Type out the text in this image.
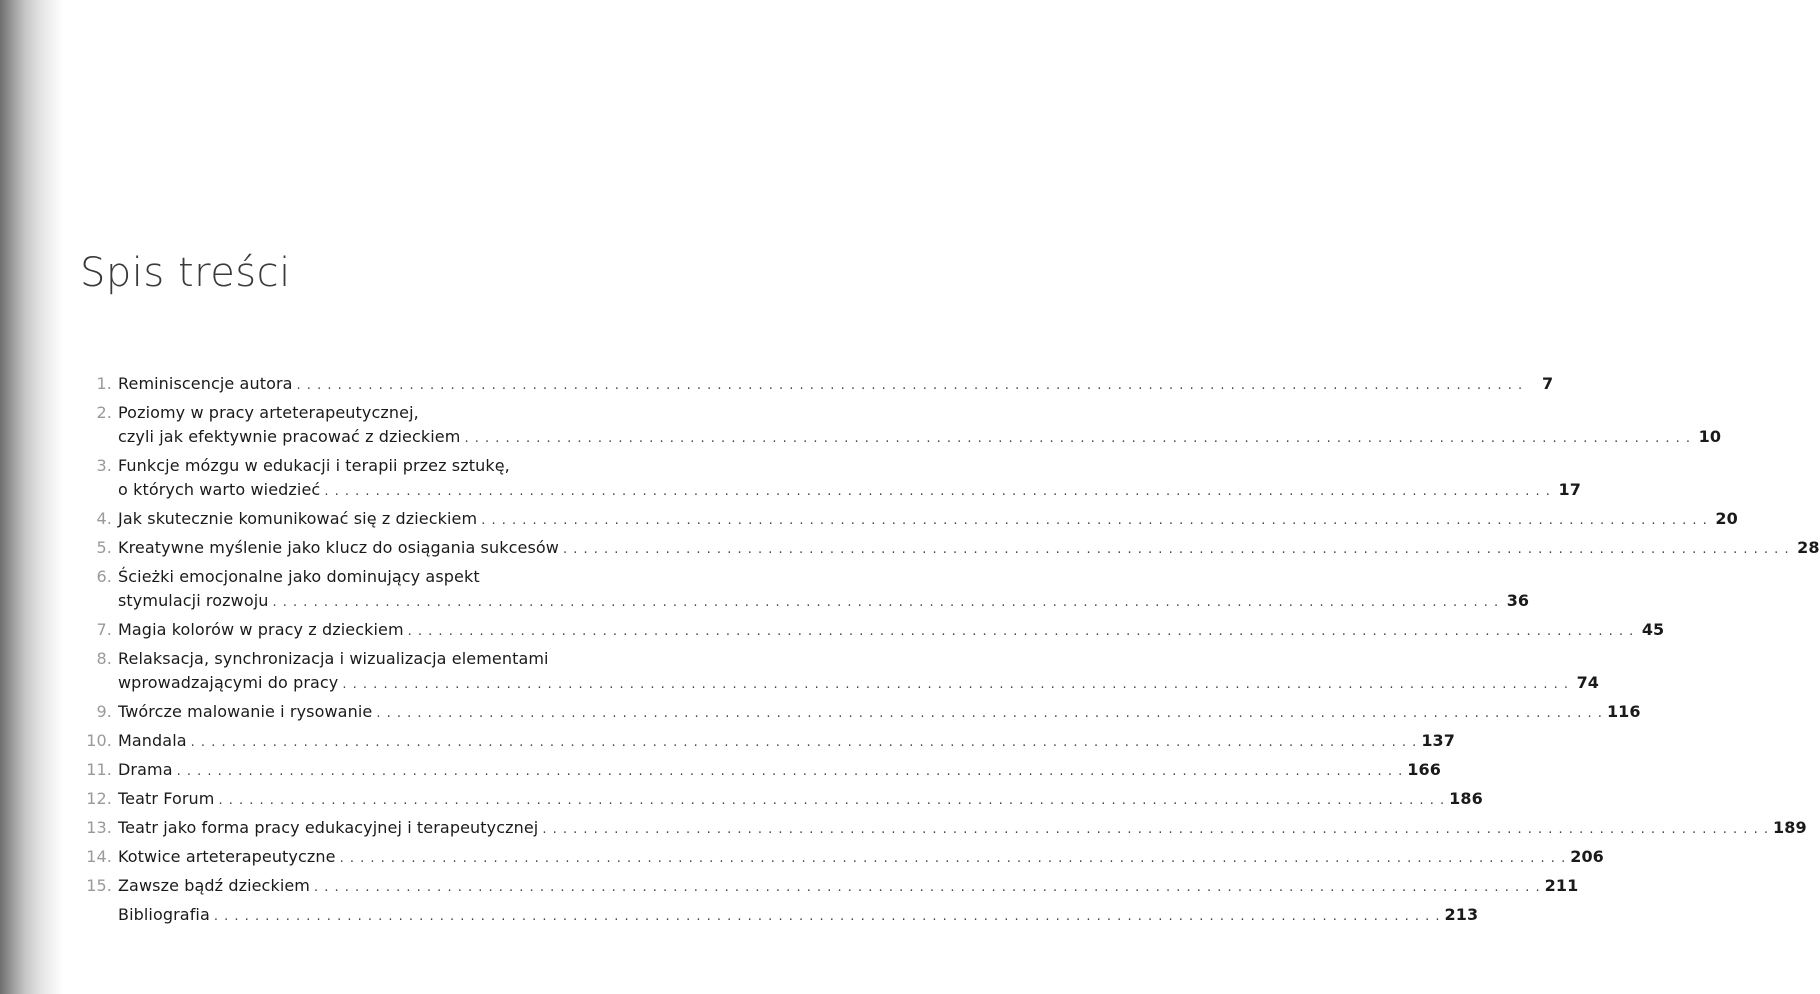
Spis treści
1. Reminiscencje autora . . . . . . . . . . . . . . . . . . . . . . . . . . . . . . . . . . . . . . . . . . . . . . . . . . . . . . . . . . . . . . . . . . . . . . . . . . . . . . . . . . . . . . . . . . . . . . . . . . . . . . . . . . . . . . . . . . . . . . . .	7
2. Poziomy w pracy arteterapeutycznej,
czyli jak efektywnie pracować z dzieckiem . . . . . . . . . . . . . . . . . . . . . . . . . . . . . . . . . . . . . . . . . . . . . . . . . . . . . . . . . . . . . . . . . . . . . . . . . . . . . . . . . . . . . . . . . . . . . . . . . . . . . . . . . . . . . . . . . . . . . . . . 10
3. Funkcje mózgu w edukacji i terapii przez sztukę,
o których warto wiedzieć . . . . . . . . . . . . . . . . . . . . . . . . . . . . . . . . . . . . . . . . . . . . . . . . . . . . . . . . . . . . . . . . . . . . . . . . . . . . . . . . . . . . . . . . . . . . . . . . . . . . . . . . . . . . . . . . . . . . . . . . 17
4. Jak skutecznie komunikować się z dzieckiem . . . . . . . . . . . . . . . . . . . . . . . . . . . . . . . . . . . . . . . . . . . . . . . . . . . . . . . . . . . . . . . . . . . . . . . . . . . . . . . . . . . . . . . . . . . . . . . . . . . . . . . . . . . . . . . . . . . . . . . . 20
5. Kreatywne myślenie jako klucz do osiągania sukcesów . . . . . . . . . . . . . . . . . . . . . . . . . . . . . . . . . . . . . . . . . . . . . . . . . . . . . . . . . . . . . . . . . . . . . . . . . . . . . . . . . . . . . . . . . . . . . . . . . . . . . . . . . . . . . . . . . . . . . . . . 28
6. Ścieżki emocjonalne jako dominujący aspekt
stymulacji rozwoju . . . . . . . . . . . . . . . . . . . . . . . . . . . . . . . . . . . . . . . . . . . . . . . . . . . . . . . . . . . . . . . . . . . . . . . . . . . . . . . . . . . . . . . . . . . . . . . . . . . . . . . . . . . . . . . . . . . . . . . . 36
7. Magia kolorów w pracy z dzieckiem . . . . . . . . . . . . . . . . . . . . . . . . . . . . . . . . . . . . . . . . . . . . . . . . . . . . . . . . . . . . . . . . . . . . . . . . . . . . . . . . . . . . . . . . . . . . . . . . . . . . . . . . . . . . . . . . . . . . . . . . 45
8. Relaksacja, synchronizacja i wizualizacja elementami
wprowadzającymi do pracy . . . . . . . . . . . . . . . . . . . . . . . . . . . . . . . . . . . . . . . . . . . . . . . . . . . . . . . . . . . . . . . . . . . . . . . . . . . . . . . . . . . . . . . . . . . . . . . . . . . . . . . . . . . . . . . . . . . . . . . . 74
9. Twórcze malowanie i rysowanie . . . . . . . . . . . . . . . . . . . . . . . . . . . . . . . . . . . . . . . . . . . . . . . . . . . . . . . . . . . . . . . . . . . . . . . . . . . . . . . . . . . . . . . . . . . . . . . . . . . . . . . . . . . . . . . . . . . . . . . . 116
10. Mandala . . . . . . . . . . . . . . . . . . . . . . . . . . . . . . . . . . . . . . . . . . . . . . . . . . . . . . . . . . . . . . . . . . . . . . . . . . . . . . . . . . . . . . . . . . . . . . . . . . . . . . . . . . . . . . . . . . . . . . . . 137
11. Drama . . . . . . . . . . . . . . . . . . . . . . . . . . . . . . . . . . . . . . . . . . . . . . . . . . . . . . . . . . . . . . . . . . . . . . . . . . . . . . . . . . . . . . . . . . . . . . . . . . . . . . . . . . . . . . . . . . . . . . . . 166
12. Teatr Forum . . . . . . . . . . . . . . . . . . . . . . . . . . . . . . . . . . . . . . . . . . . . . . . . . . . . . . . . . . . . . . . . . . . . . . . . . . . . . . . . . . . . . . . . . . . . . . . . . . . . . . . . . . . . . . . . . . . . . . . . 186
13. Teatr jako forma pracy edukacyjnej i terapeutycznej . . . . . . . . . . . . . . . . . . . . . . . . . . . . . . . . . . . . . . . . . . . . . . . . . . . . . . . . . . . . . . . . . . . . . . . . . . . . . . . . . . . . . . . . . . . . . . . . . . . . . . . . . . . . . . . . . . . . . . . . 189
14. Kotwice arteterapeutyczne . . . . . . . . . . . . . . . . . . . . . . . . . . . . . . . . . . . . . . . . . . . . . . . . . . . . . . . . . . . . . . . . . . . . . . . . . . . . . . . . . . . . . . . . . . . . . . . . . . . . . . . . . . . . . . . . . . . . . . . . 206
15. Zawsze bądź dzieckiem . . . . . . . . . . . . . . . . . . . . . . . . . . . . . . . . . . . . . . . . . . . . . . . . . . . . . . . . . . . . . . . . . . . . . . . . . . . . . . . . . . . . . . . . . . . . . . . . . . . . . . . . . . . . . . . . . . . . . . . . 211
Bibliografia . . . . . . . . . . . . . . . . . . . . . . . . . . . . . . . . . . . . . . . . . . . . . . . . . . . . . . . . . . . . . . . . . . . . . . . . . . . . . . . . . . . . . . . . . . . . . . . . . . . . . . . . . . . . . . . . . . . . . . . . 213
